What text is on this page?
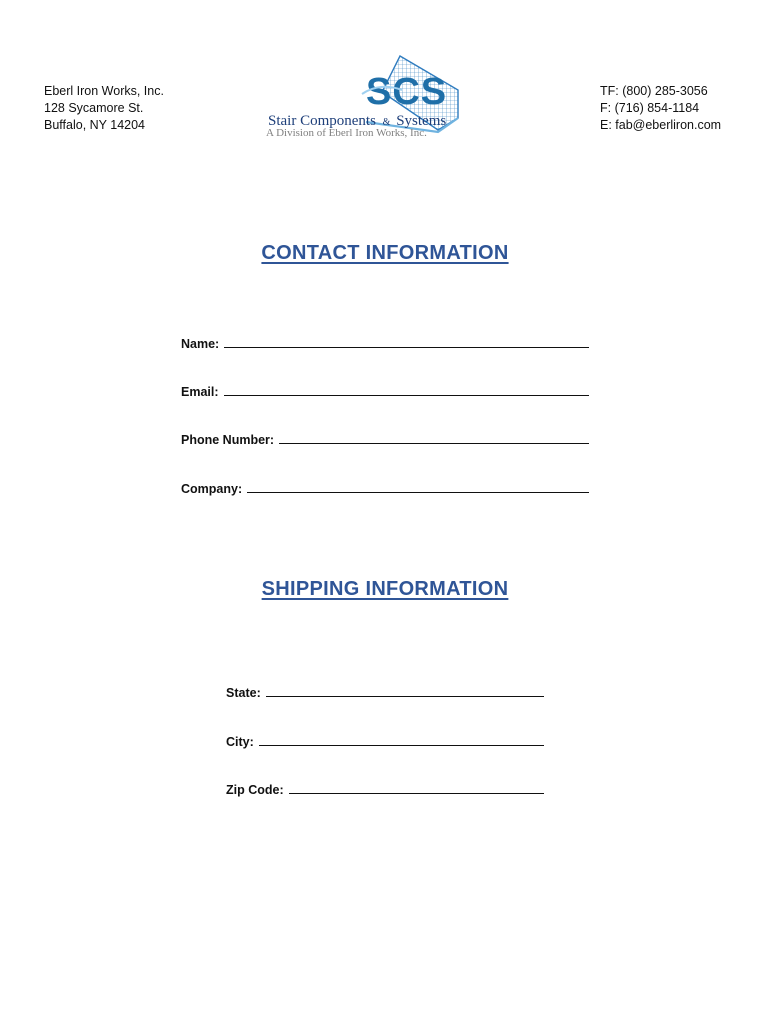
Eberl Iron Works, Inc.
128 Sycamore St.
Buffalo, NY 14204
SCS
Stair Components & Systems
A Division of Eberl Iron Works, Inc.
TF: (800) 285-3056
F: (716) 854-1184
E: fab@eberliron.com
CONTACT INFORMATION
Name:
Email:
Phone Number:
Company:
SHIPPING INFORMATION
State:
City:
Zip Code:
